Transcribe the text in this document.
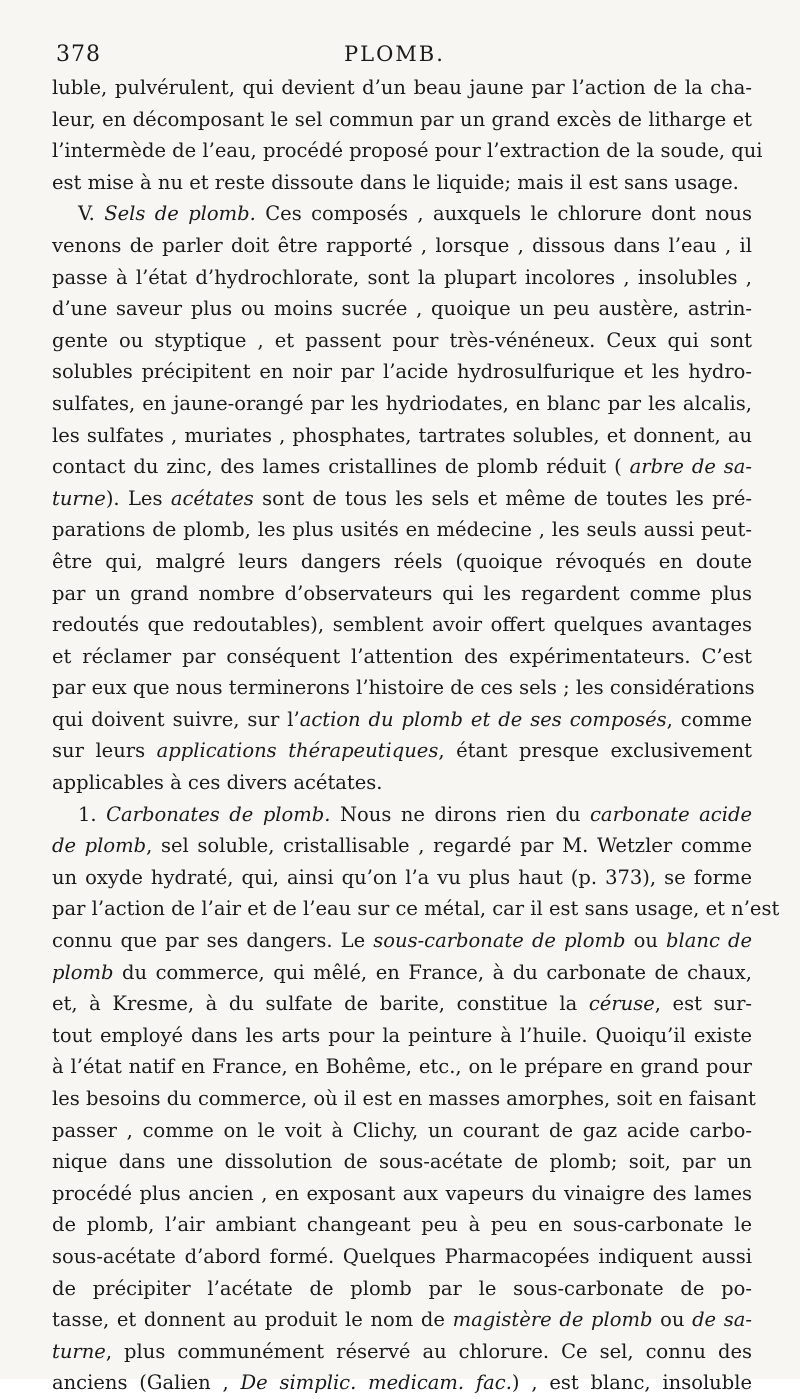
378	PLOMB.
luble, pulvérulent, qui devient d’un beau jaune par l’action de la cha-
leur, en décomposant le sel commun par un grand excès de litharge et
l’intermède de l’eau, procédé proposé pour l’extraction de la soude, qui
est mise à nu et reste dissoute dans le liquide; mais il est sans usage.
V. Sels de plomb. Ces composés , auxquels le chlorure dont nous
venons de parler doit être rapporté , lorsque , dissous dans l’eau , il
passe à l’état d’hydrochlorate, sont la plupart incolores , insolubles ,
d’une saveur plus ou moins sucrée , quoique un peu austère, astrin-
gente ou styptique , et passent pour très-vénéneux. Ceux qui sont
solubles précipitent en noir par l’acide hydrosulfurique et les hydro-
sulfates, en jaune-orangé par les hydriodates, en blanc par les alcalis,
les sulfates , muriates , phosphates, tartrates solubles, et donnent, au
contact du zinc, des lames cristallines de plomb réduit ( arbre de sa-
turne). Les acétates sont de tous les sels et même de toutes les pré-
parations de plomb, les plus usités en médecine , les seuls aussi peut-
être qui, malgré leurs dangers réels (quoique révoqués en doute
par un grand nombre d’observateurs qui les regardent comme plus
redoutés que redoutables), semblent avoir offert quelques avantages
et réclamer par conséquent l’attention des expérimentateurs. C’est
par eux que nous terminerons l’histoire de ces sels ; les considérations
qui doivent suivre, sur l’action du plomb et de ses composés, comme
sur leurs applications thérapeutiques, étant presque exclusivement
applicables à ces divers acétates.
1. Carbonates de plomb. Nous ne dirons rien du carbonate acide
de plomb, sel soluble, cristallisable , regardé par M. Wetzler comme
un oxyde hydraté, qui, ainsi qu’on l’a vu plus haut (p. 373), se forme
par l’action de l’air et de l’eau sur ce métal, car il est sans usage, et n’est
connu que par ses dangers. Le sous-carbonate de plomb ou blanc de
plomb du commerce, qui mêlé, en France, à du carbonate de chaux,
et, à Kresme, à du sulfate de barite, constitue la céruse, est sur-
tout employé dans les arts pour la peinture à l’huile. Quoiqu’il existe
à l’état natif en France, en Bohême, etc., on le prépare en grand pour
les besoins du commerce, où il est en masses amorphes, soit en faisant
passer , comme on le voit à Clichy, un courant de gaz acide carbo-
nique dans une dissolution de sous-acétate de plomb; soit, par un
procédé plus ancien , en exposant aux vapeurs du vinaigre des lames
de plomb, l’air ambiant changeant peu à peu en sous-carbonate le
sous-acétate d’abord formé. Quelques Pharmacopées indiquent aussi
de précipiter l’acétate de plomb par le sous-carbonate de po-
tasse, et donnent au produit le nom de magistère de plomb ou de sa-
turne, plus communément réservé au chlorure. Ce sel, connu des
anciens (Galien , De simplic. medicam. fac.) , est blanc, insoluble
